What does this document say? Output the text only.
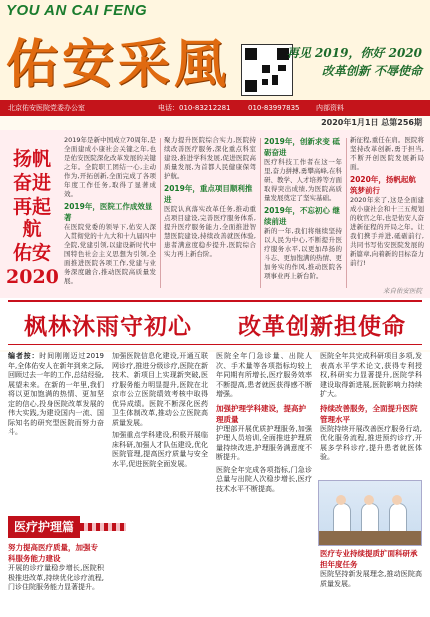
YOU AN CAI FENG
佑安采風	再见 2019，你好 2020
改革创新 不辱使命
北京佑安医院党委办公室	电话：010-83212281 010-83997835 内部资料
2020年1月1日 总第256期
扬帆
奋进
再起航
佑安
2020
2019年是新中国成立70周年,是全面建成小康社会关键之年,也是佑安医院深化改革发展的关键之年。全院职工团结一心,主动作为,开拓创新,全面完成了各项年度工作任务,取得了显著成效。
2019年，医院工作成效显著
在医院党委的领导下,佑安人深入贯彻党的十九大和十九届四中全院,党建引领,以建设新时代中国特色社会主义思想为引领,全面推进医院各项工作,党建与业务深度融合,推动医院高质量发展。
聚力提升医院综合实力,医院持续改善医疗服务,深化重点科室建设,推进学科发展,促进医院高质量发展,为首都人民健康保驾护航。
2019年，重点项目顺利推进
医院认真落实改革任务,推动重点项目建设,完善医疗服务体系,提升医疗服务能力,全面推进智慧医院建设,持续改善就医体验,患者满意度稳步提升,医院综合实力再上新台阶。
2019年，创新求变 砥砺奋进
医疗科技工作者在这一年里,奋力拼搏,勇攀高峰,在科研、教学、人才培养等方面取得突出成绩,为医院高质量发展奠定了坚实基础。
2019年，不忘初心 继续前进
新的一年,我们将继续坚持以人民为中心,不断提升医疗服务水平,以更加昂扬的斗志、更加饱满的热情、更加务实的作风,推动医院各项事业再上新台阶。
新征程,重任在肩。医院将坚持改革创新,勇于担当,不断开创医院发展新局面。
2020年，扬帆起航 筑梦前行
2020年来了,这是全面建成小康社会和十三五规划的收官之年,也是佑安人奋进新征程的开局之年。让我们携手并进,砥砺前行,共同书写佑安医院发展的新篇章,向着新的目标奋力前行!
来自佑安医院
枫林沐雨守初心 改革创新担使命
编者按：时间刚刚迈过2019年,全体佑安人在新年到来之际,回顾过去一年的工作,总结经验,展望未来。在新的一年里,我们将以更加饱满的热情、更加坚定的信心,投身医院改革发展的伟大实践,为建设国内一流、国际知名的研究型医院而努力奋斗。
医疗护理篇
努力提高医疗质量，加强专科服务能力建设
开展的诊疗量稳步增长,医院积极推进改革,持续优化诊疗流程,门诊住院服务能力显著提升。
加强医院信息化建设,开通互联网诊疗,推进分级诊疗,医院在新技术、新项目上实现新突破,医疗服务能力明显提升,医院在北京市公立医院绩效考核中取得优异成绩。医院不断深化医药卫生体制改革,推动公立医院高质量发展。
加强重点学科建设,积极开展临床科研,加强人才队伍建设,优化医院管理,提高医疗质量与安全水平,促进医院全面发展。
医院全年门急诊量、出院人次、手术量等各项指标均较上年同期有所增长,医疗服务效率不断提高,患者就医获得感不断增强。
加强护理学科建设，提高护理质量
护理部开展优质护理服务,加强护理人员培训,全面推进护理质量持续改进,护理服务满意度不断提升。
医院全年完成各项指标,门急诊总量与出院人次稳步增长,医疗技术水平不断提高。
医院全年共完成科研项目多项,发表高水平学术论文,获得专利授权,科研实力显著提升,医院学科建设取得新进展,医院影响力持续扩大。
持续改善服务，全面提升医院管理水平
医院持续开展改善医疗服务行动,优化服务流程,推进预约诊疗,开展多学科诊疗,提升患者就医体验。
医疗专业持续提质扩面科研承担年度任务
医院坚持新发展理念,推动医院高质量发展。
